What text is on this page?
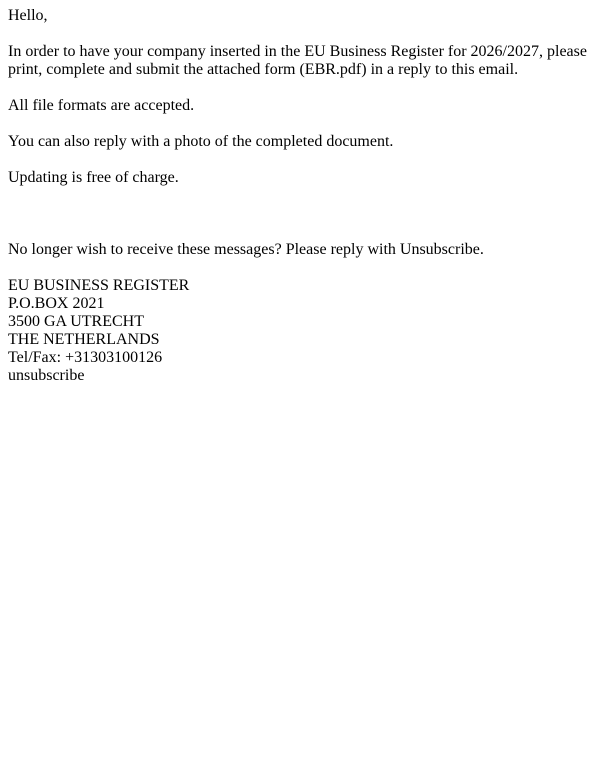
Hello,

In order to have your company inserted in the EU Business Register for 2026/2027, please print, complete and submit the attached form (EBR.pdf) in a reply to this email.

All file formats are accepted.

You can also reply with a photo of the completed document.

Updating is free of charge.

No longer wish to receive these messages? Please reply with Unsubscribe.

EU BUSINESS REGISTER
P.O.BOX 2021
3500 GA UTRECHT
THE NETHERLANDS
Tel/Fax: +31303100126
unsubscribe
